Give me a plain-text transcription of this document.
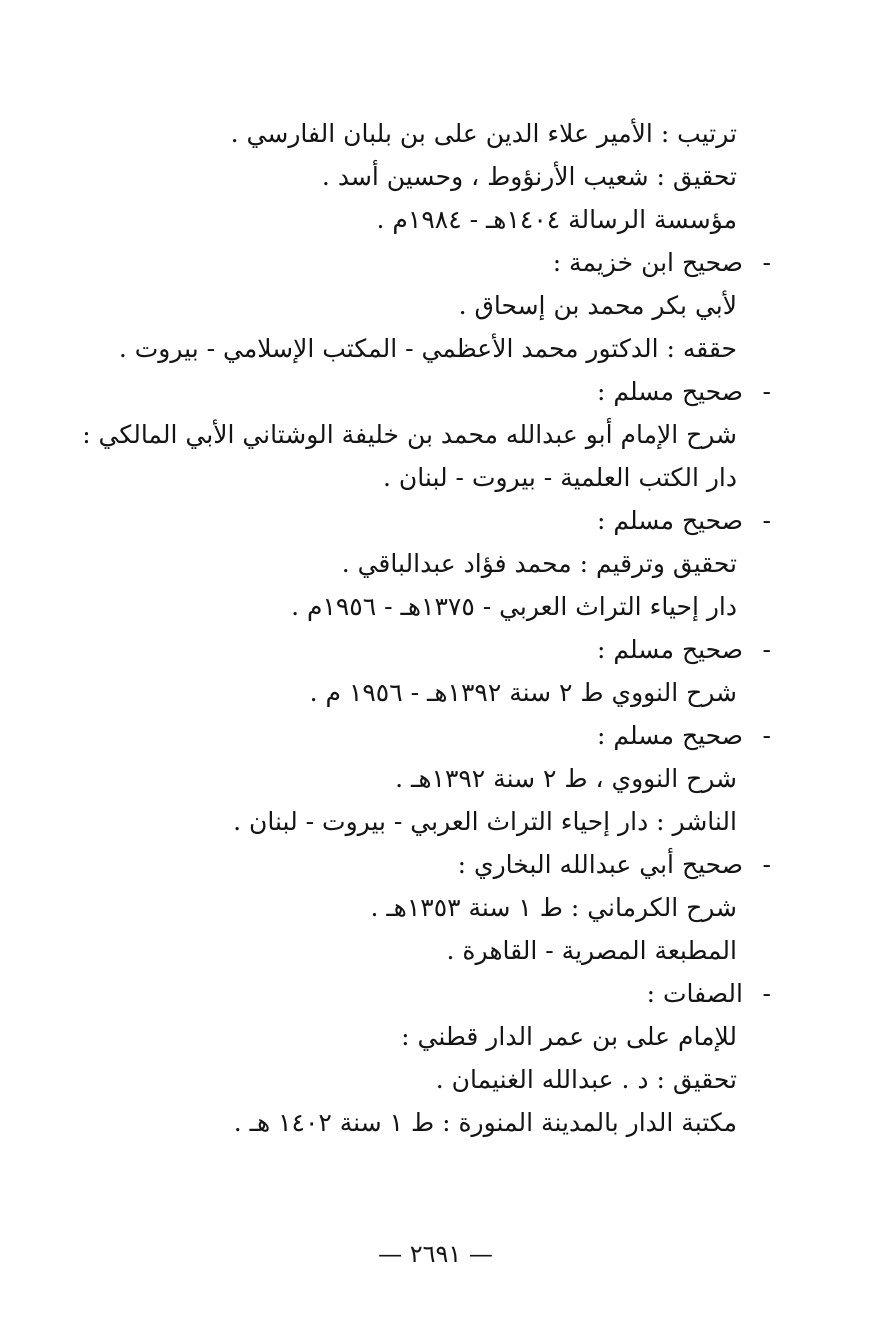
ترتيب : الأمير علاء الدين على بن بلبان الفارسي .
تحقيق : شعيب الأرنؤوط ، وحسين أسد .
مؤسسة الرسالة ١٤٠٤هـ - ١٩٨٤م .
-صحيح ابن خزيمة :
لأبي بكر محمد بن إسحاق .
حققه : الدكتور محمد الأعظمي - المكتب الإسلامي - بيروت .
-صحيح مسلم :
شرح الإمام أبو عبدالله محمد بن خليفة الوشتاني الأبي المالكي :
دار الكتب العلمية - بيروت - لبنان .
-صحيح مسلم :
تحقيق وترقيم : محمد فؤاد عبدالباقي .
دار إحياء التراث العربي - ١٣٧٥هـ - ١٩٥٦م .
-صحيح مسلم :
شرح النووي ط ٢ سنة ١٣٩٢هـ - ١٩٥٦ م .
-صحيح مسلم :
شرح النووي ، ط ٢ سنة ١٣٩٢هـ .
الناشر : دار إحياء التراث العربي - بيروت - لبنان .
-صحيح أبي عبدالله البخاري :
شرح الكرماني : ط ١ سنة ١٣٥٣هـ .
المطبعة المصرية - القاهرة .
-الصفات :
للإمام على بن عمر الدار قطني :
تحقيق : د . عبدالله الغنيمان .
مكتبة الدار بالمدينة المنورة : ط ١ سنة ١٤٠٢ هـ .
— ٢٦٩١ —
